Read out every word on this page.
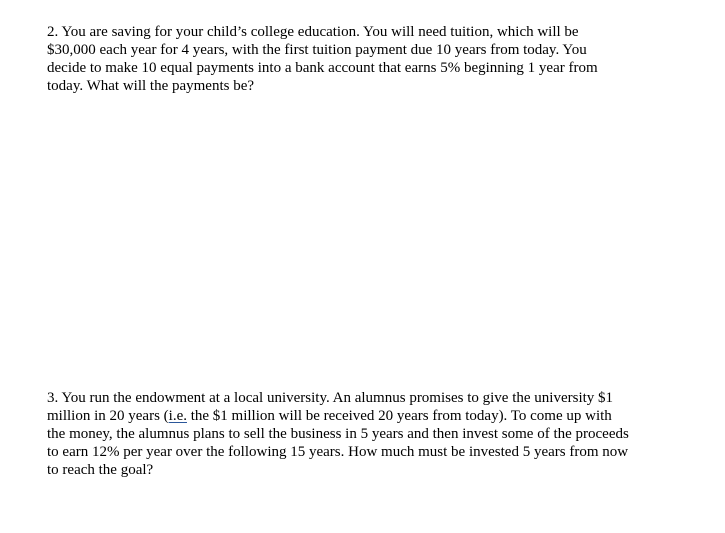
2. You are saving for your child’s college education. You will need tuition, which will be
$30,000 each year for 4 years, with the first tuition payment due 10 years from today. You
decide to make 10 equal payments into a bank account that earns 5% beginning 1 year from
today. What will the payments be?
3. You run the endowment at a local university. An alumnus promises to give the university $1
million in 20 years (i.e. the $1 million will be received 20 years from today). To come up with
the money, the alumnus plans to sell the business in 5 years and then invest some of the proceeds
to earn 12% per year over the following 15 years. How much must be invested 5 years from now
to reach the goal?
